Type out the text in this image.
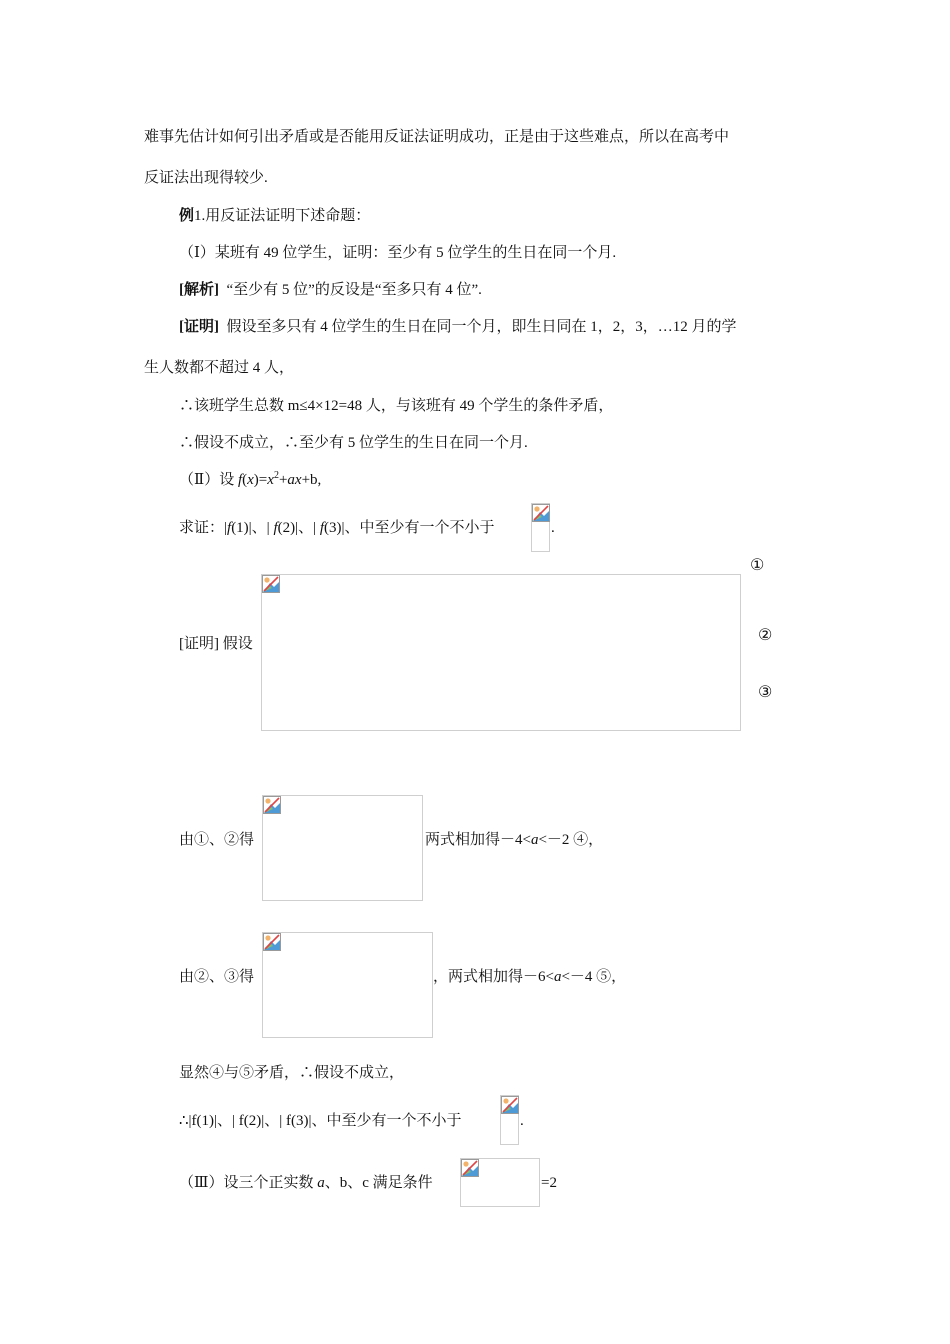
难事先估计如何引出矛盾或是否能用反证法证明成功，正是由于这些难点，所以在高考中
反证法出现得较少.
例1.用反证法证明下述命题：
（Ⅰ）某班有 49 位学生，证明：至少有 5 位学生的生日在同一个月.
[解析] “至少有 5 位”的反设是“至多只有 4 位”.
[证明] 假设至多只有 4 位学生的生日在同一个月，即生日同在 1，2，3，…12 月的学
生人数都不超过 4 人，
∴该班学生总数 m≤4×12=48 人，与该班有 49 个学生的条件矛盾，
∴假设不成立，∴至少有 5 位学生的生日在同一个月.
（Ⅱ）设 $f(x)=x^2+ax+b$,
求证：|f(1)|、| f(2)|、| f(3)|、中至少有一个不小于	.
[证明] 假设
①
②
③
由①、②得	两式相加得－4<a<－2 ④，
由②、③得	，两式相加得－6<a<－4 ⑤，
显然④与⑤矛盾，∴假设不成立，
∴|f(1)|、| f(2)|、| f(3)|、中至少有一个不小于	.
（Ⅲ）设三个正实数 a、b、c 满足条件	=2
